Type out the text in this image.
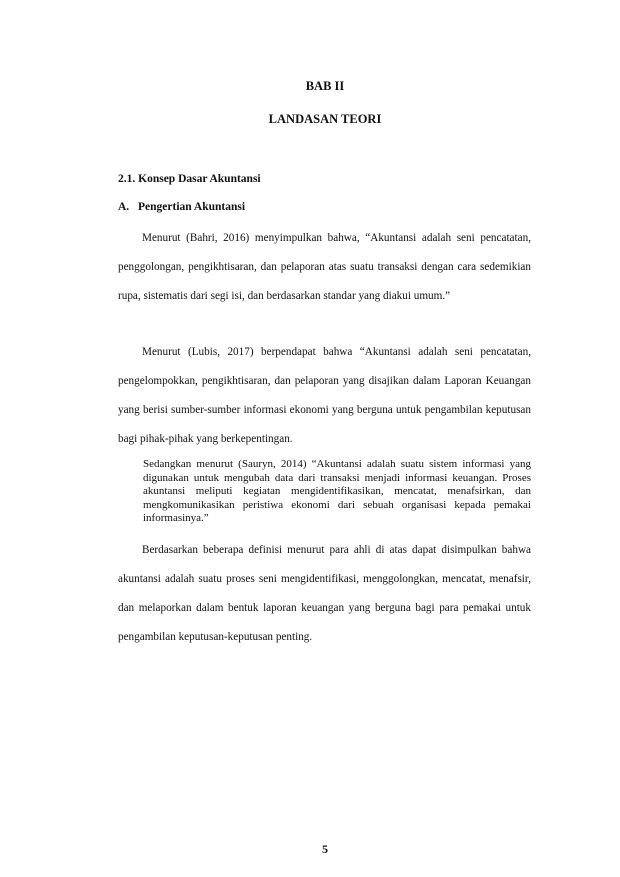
BAB II
LANDASAN TEORI
2.1. Konsep Dasar Akuntansi
A. Pengertian Akuntansi

Menurut (Bahri, 2016) menyimpulkan bahwa, “Akuntansi adalah seni pencatatan, penggolongan, pengikhtisaran, dan pelaporan atas suatu transaksi dengan cara sedemikian rupa, sistematis dari segi isi, dan berdasarkan standar yang diakui umum.”

Menurut (Lubis, 2017) berpendapat bahwa “Akuntansi adalah seni pencatatan, pengelompokkan, pengikhtisaran, dan pelaporan yang disajikan dalam Laporan Keuangan yang berisi sumber-sumber informasi ekonomi yang berguna untuk pengambilan keputusan bagi pihak-pihak yang berkepentingan.

Sedangkan menurut (Sauryn, 2014) “Akuntansi adalah suatu sistem informasi yang digunakan untuk mengubah data dari transaksi menjadi informasi keuangan. Proses akuntansi meliputi kegiatan mengidentifikasikan, mencatat, menafsirkan, dan mengkomunikasikan peristiwa ekonomi dari sebuah organisasi kepada pemakai informasinya.”

Berdasarkan beberapa definisi menurut para ahli di atas dapat disimpulkan bahwa akuntansi adalah suatu proses seni mengidentifikasi, menggolongkan, mencatat, menafsir, dan melaporkan dalam bentuk laporan keuangan yang berguna bagi para pemakai untuk pengambilan keputusan-keputusan penting.

5
